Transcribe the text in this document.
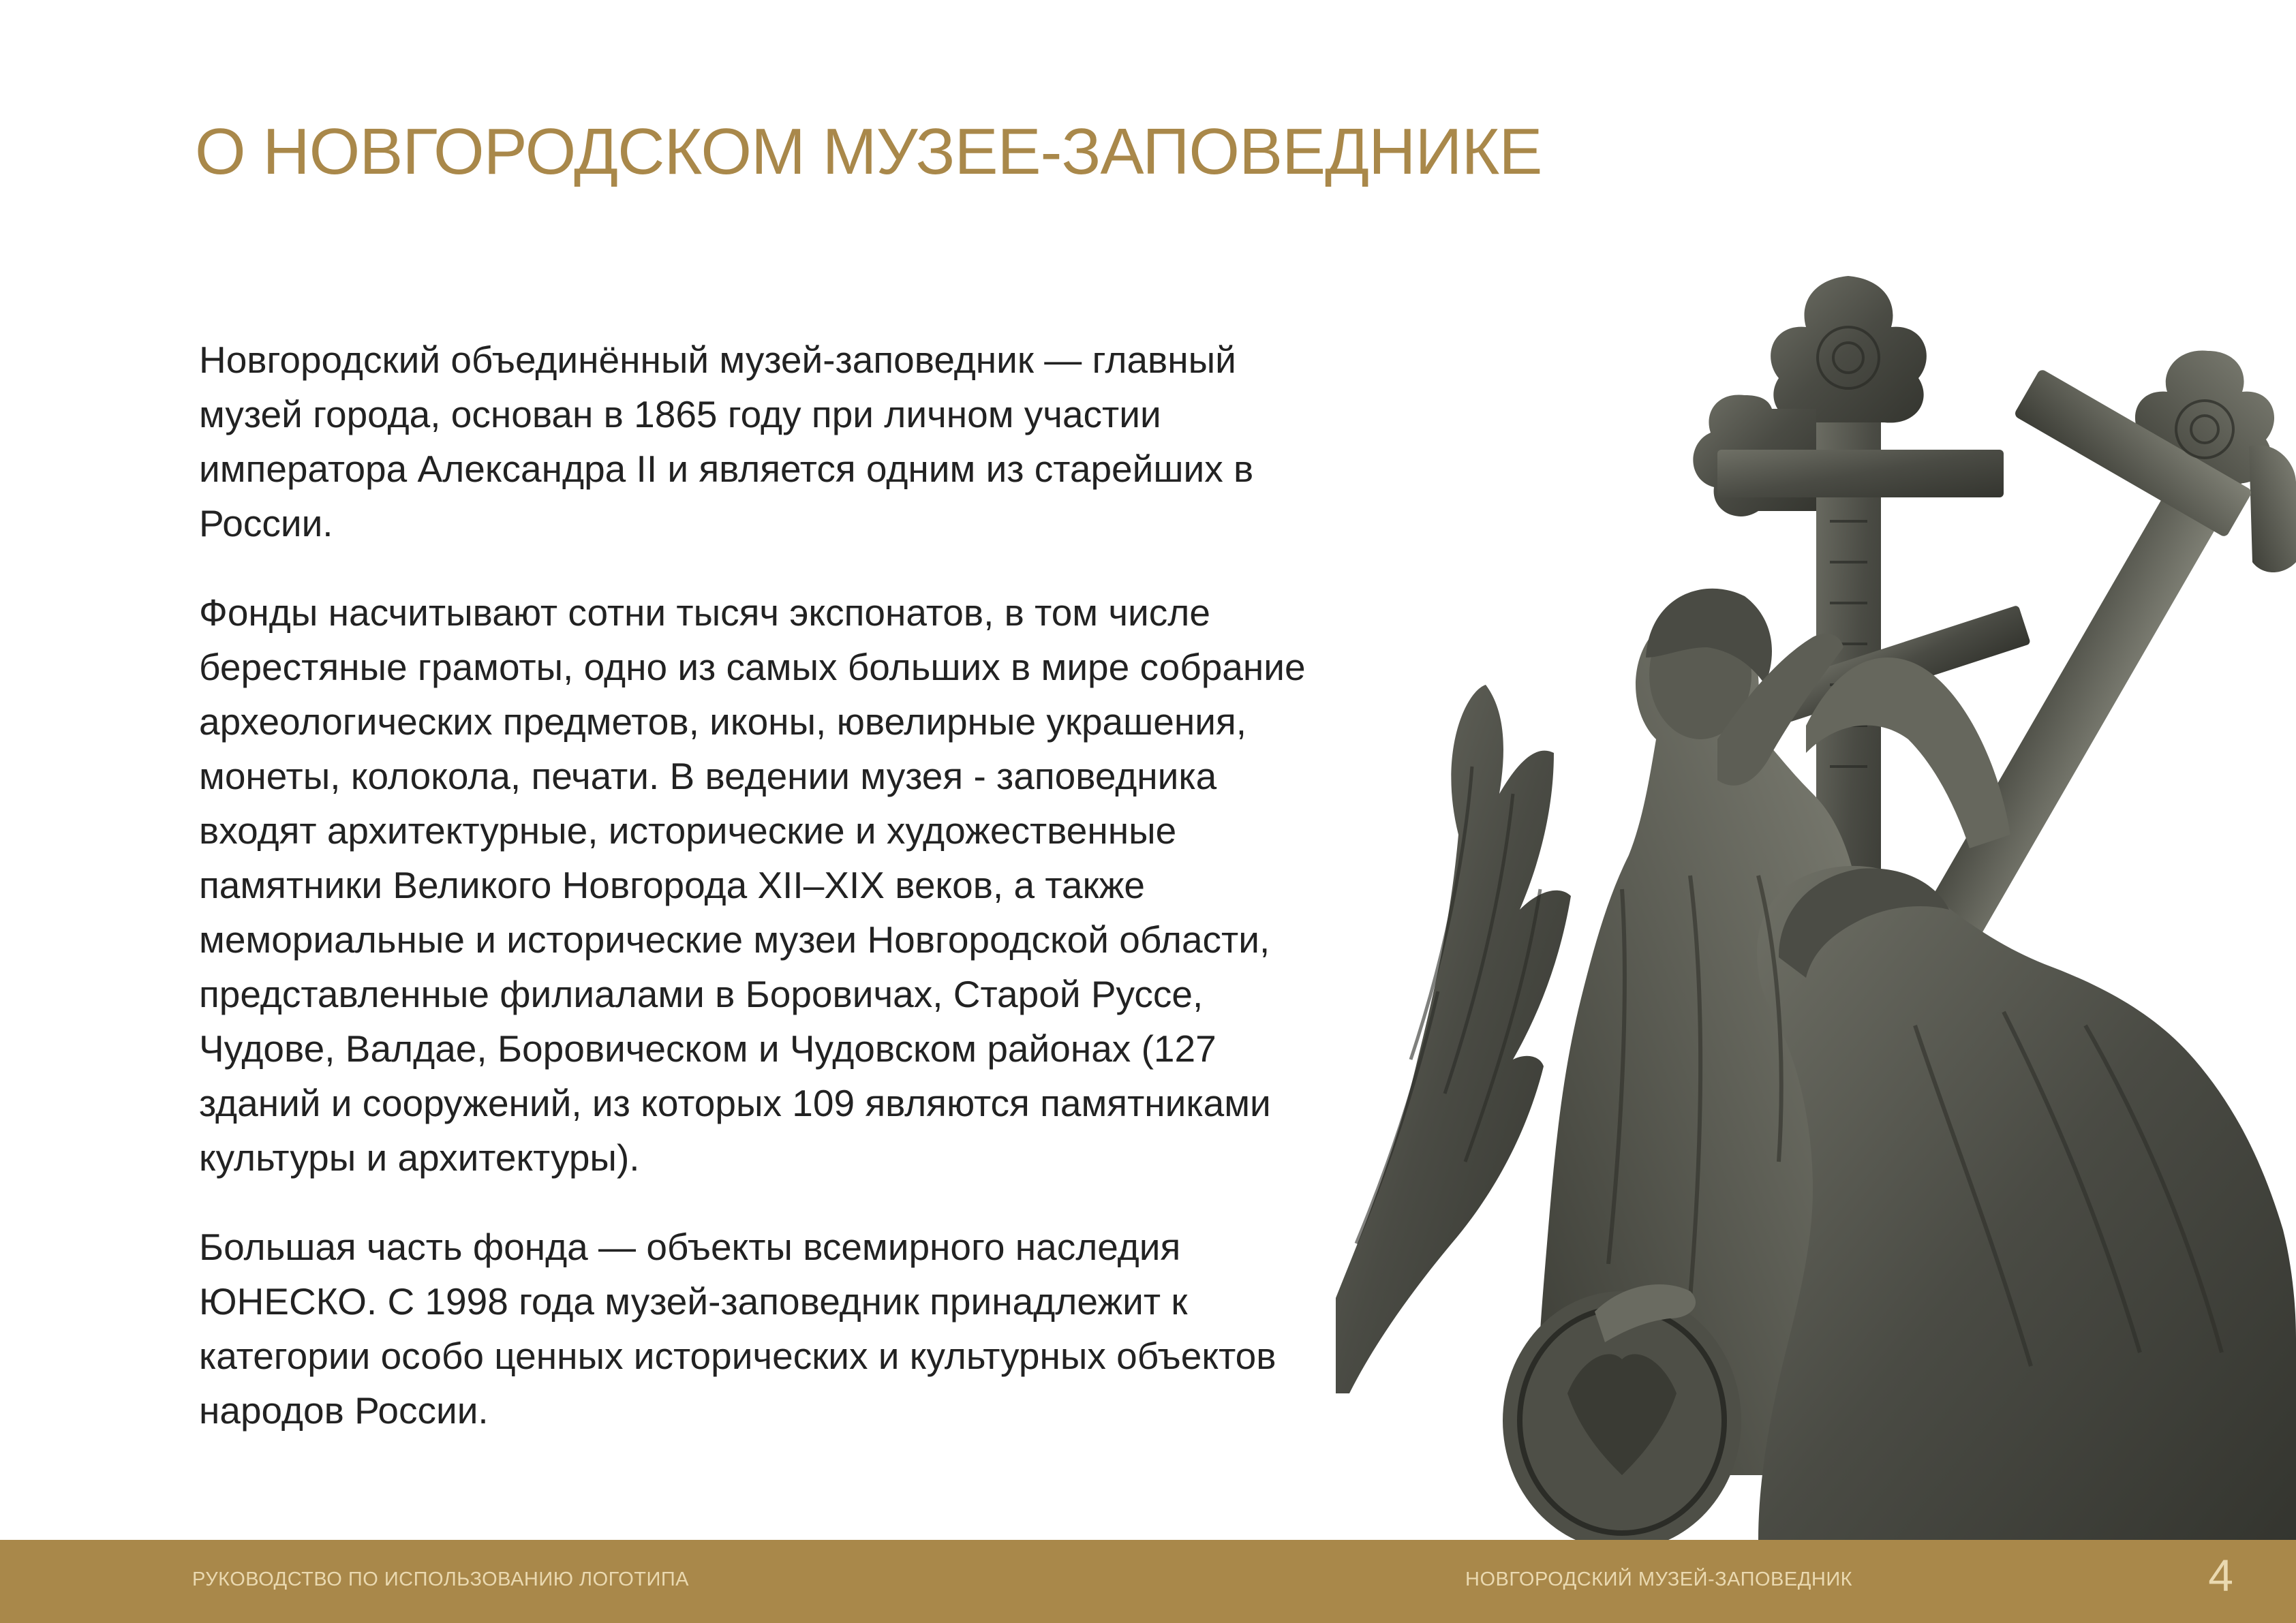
О НОВГОРОДСКОМ МУЗЕЕ-ЗАПОВЕДНИКЕ

Новгородский объединённый музей-заповедник — главный музей города, основан в 1865 году при личном участии императора Александра II и является одним из старейших в России.

Фонды насчитывают сотни тысяч экспонатов, в том числе берестяные грамоты, одно из самых больших в мире собрание археологических предметов, иконы, ювелирные украшения, монеты, колокола, печати. В ведении музея - заповедника входят архитектурные, исторические и художественные памятники Великого Новгорода XII–XIX веков, а также мемориальные и исторические музеи Новгородской области, представленные филиалами в Боровичах, Старой Руссе, Чудове, Валдае, Боровическом и Чудовском районах (127 зданий и сооружений, из которых 109 являются памятниками культуры и архитектуры).

Большая часть фонда — объекты всемирного наследия ЮНЕСКО. С 1998 года музей-заповедник принадлежит к категории особо ценных исторических и культурных объектов народов России.

РУКОВОДСТВО ПО ИСПОЛЬЗОВАНИЮ ЛОГОТИПА	НОВГОРОДСКИЙ МУЗЕЙ-ЗАПОВЕДНИК	4
